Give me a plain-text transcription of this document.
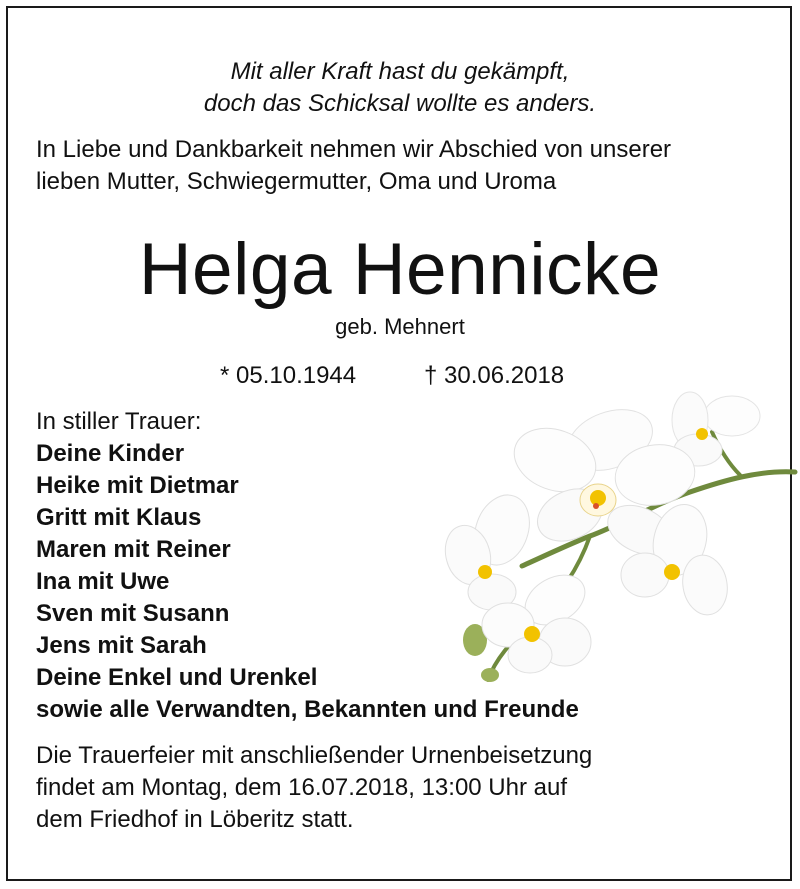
Mit aller Kraft hast du gekämpft,
doch das Schicksal wollte es anders.
In Liebe und Dankbarkeit nehmen wir Abschied von unserer
lieben Mutter, Schwiegermutter, Oma und Uroma
Helga Hennicke
geb. Mehnert
* 05.10.1944	† 30.06.2018
In stiller Trauer:
Deine Kinder
Heike mit Dietmar
Gritt mit Klaus
Maren mit Reiner
Ina mit Uwe
Sven mit Susann
Jens mit Sarah
Deine Enkel und Urenkel
sowie alle Verwandten, Bekannten und Freunde
Die Trauerfeier mit anschließender Urnenbeisetzung
findet am Montag, dem 16.07.2018, 13:00 Uhr auf
dem Friedhof in Löberitz statt.
